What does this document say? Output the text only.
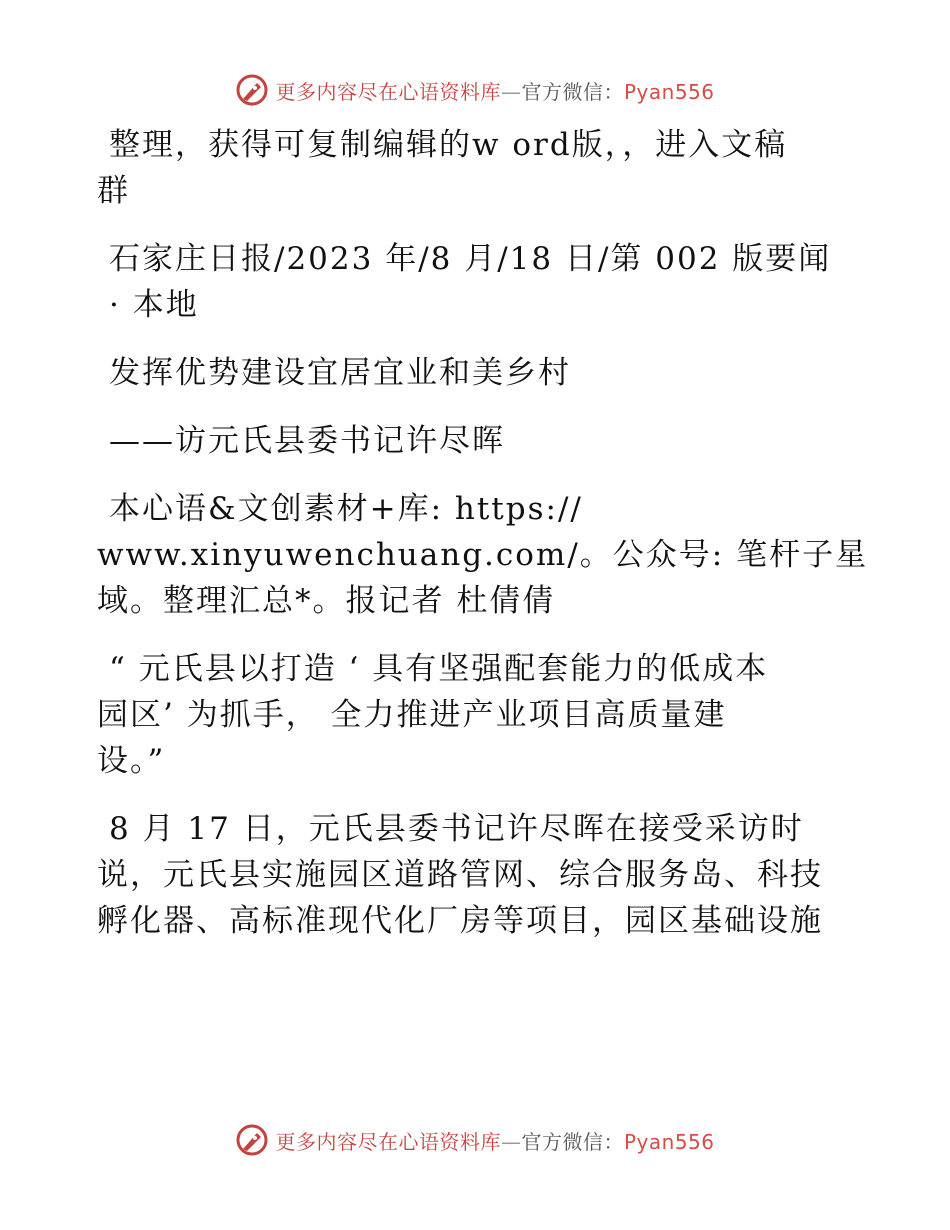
更多内容尽在心语资料库—官方微信：Pyan556
整理，获得可复制编辑的w ord版，，进入文稿
群
石家庄日报/2023 年/8 月/18 日/第 002 版要闻
· 本地
发挥优势建设宜居宜业和美乡村
——访元氏县委书记许尽晖
本心语&文创素材+库: https://
www.xinyuwenchuang.com/。公众号: 笔杆子星
域。整理汇总*。报记者 杜倩倩
“ 元氏县以打造 ‘ 具有坚强配套能力的低成本
园区’ 为抓手， 全力推进产业项目高质量建
设。”
8 月 17 日，元氏县委书记许尽晖在接受采访时
说，元氏县实施园区道路管网、综合服务岛、科技
孵化器、高标准现代化厂房等项目，园区基础设施
更多内容尽在心语资料库—官方微信：Pyan556
